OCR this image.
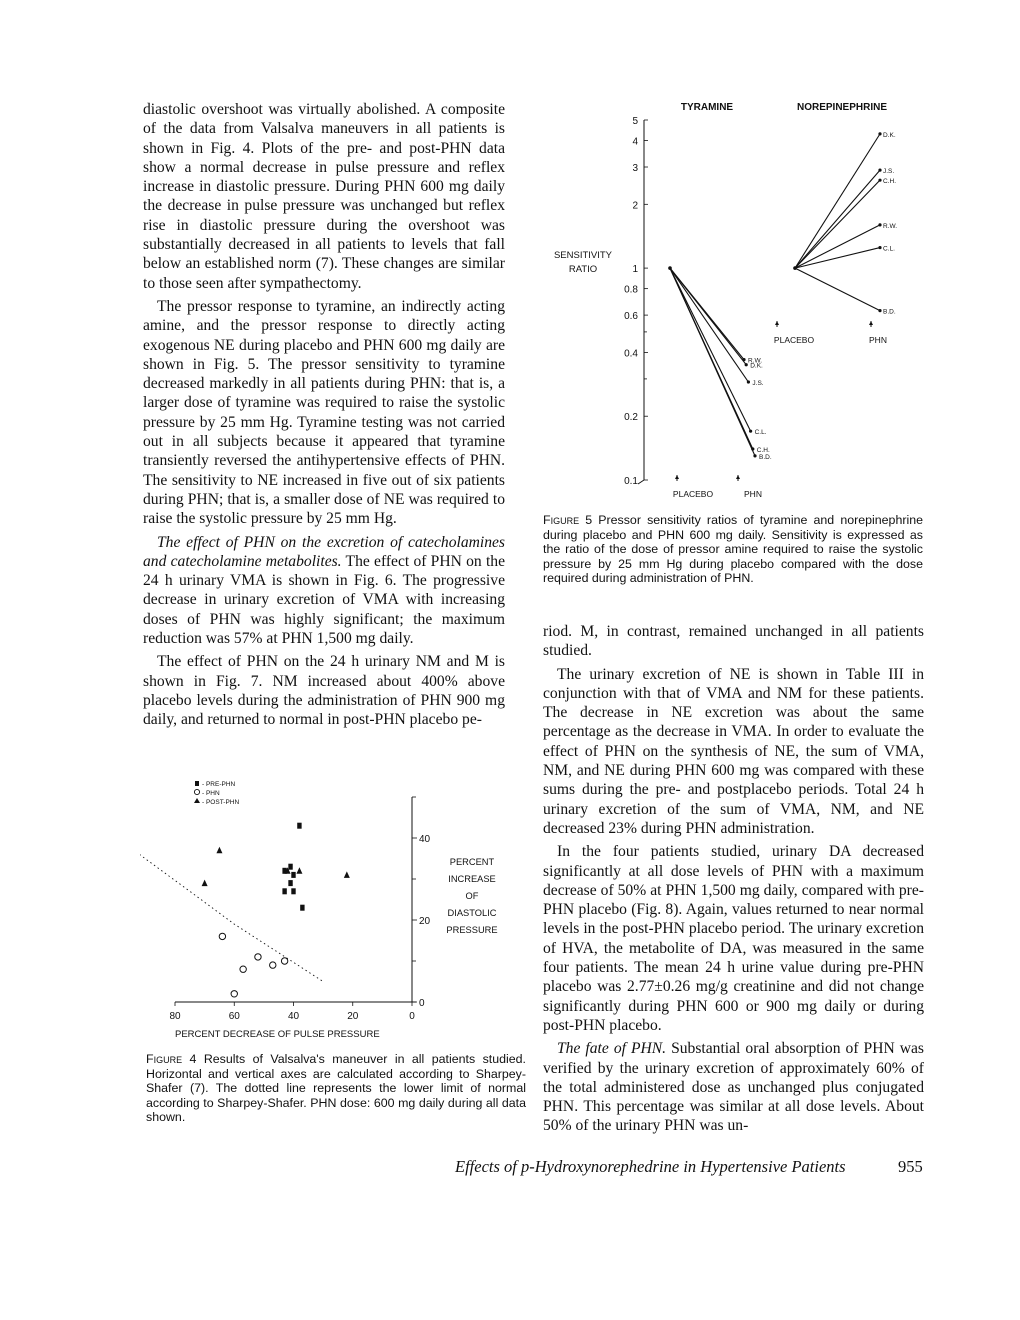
diastolic overshoot was virtually abolished. A composite of the data from Valsalva maneuvers in all patients is shown in Fig. 4. Plots of the pre- and post-PHN data show a normal decrease in pulse pressure and reflex increase in diastolic pressure. During PHN 600 mg daily the decrease in pulse pressure was unchanged but reflex rise in diastolic pressure during the overshoot was substantially decreased in all patients to levels that fall below an established norm (7). These changes are similar to those seen after sympathectomy.

The pressor response to tyramine, an indirectly acting amine, and the pressor response to directly acting exogenous NE during placebo and PHN 600 mg daily are shown in Fig. 5. The pressor sensitivity to tyramine decreased markedly in all patients during PHN: that is, a larger dose of tyramine was required to raise the systolic pressure by 25 mm Hg. Tyramine testing was not carried out in all subjects because it appeared that tyramine transiently reversed the antihypertensive effects of PHN. The sensitivity to NE increased in five out of six patients during PHN; that is, a smaller dose of NE was required to raise the systolic pressure by 25 mm Hg.

The effect of PHN on the excretion of catecholamines and catecholamine metabolites. The effect of PHN on the 24 h urinary VMA is shown in Fig. 6. The progressive decrease in urinary excretion of VMA with increasing doses of PHN was highly significant; the maximum reduction was 57% at PHN 1,500 mg daily.

The effect of PHN on the 24 h urinary NM and M is shown in Fig. 7. NM increased about 400% above placebo levels during the administration of PHN 900 mg daily, and returned to normal in post-PHN placebo pe-

- PRE-PHN
- PHN
- POST-PHN
80	60	40	20	0
40
20
0
PERCENT DECREASE OF PULSE PRESSURE
PERCENT
INCREASE
OF
DIASTOLIC
PRESSURE
Figure 4 Results of Valsalva's maneuver in all patients studied. Horizontal and vertical axes are calculated according to Sharpey-Shafer (7). The dotted line represents the lower limit of normal according to Sharpey-Shafer. PHN dose: 600 mg daily during all data shown.
TYRAMINE	NOREPINEPHRINE
SENSITIVITY
RATIO
5
4
3
2
1
0.8
0.6
0.4
0.2
0.1
R.W.
D.K.
J.S.
C.L.
C.H.
B.D.
D.K.
J.S.
C.H.
R.W.
C.L.
B.D.
PLACEBO	PHN
PLACEBO	PHN
Figure 5 Pressor sensitivity ratios of tyramine and norepinephrine during placebo and PHN 600 mg daily. Sensitivity is expressed as the ratio of the dose of pressor amine required to raise the systolic pressure by 25 mm Hg during placebo compared with the dose required during administration of PHN.

riod. M, in contrast, remained unchanged in all patients studied.

The urinary excretion of NE is shown in Table III in conjunction with that of VMA and NM for these patients. The decrease in NE excretion was about the same percentage as the decrease in VMA. In order to evaluate the effect of PHN on the synthesis of NE, the sum of VMA, NM, and NE during PHN 600 mg was compared with these sums during the pre- and postplacebo periods. Total 24 h urinary excretion of the sum of VMA, NM, and NE decreased 23% during PHN administration.

In the four patients studied, urinary DA decreased significantly at all dose levels of PHN with a maximum decrease of 50% at PHN 1,500 mg daily, compared with pre-PHN placebo (Fig. 8). Again, values returned to near normal levels in the post-PHN placebo period. The urinary excretion of HVA, the metabolite of DA, was measured in the same four patients. The mean 24 h urine value during pre-PHN placebo was 2.77±0.26 mg/g creatinine and did not change significantly during PHN 600 or 900 mg daily or during post-PHN placebo.

The fate of PHN. Substantial oral absorption of PHN was verified by the urinary excretion of approximately 60% of the total administered dose as unchanged plus conjugated PHN. This percentage was similar at all dose levels. About 50% of the urinary PHN was un-

Effects of p-Hydroxynorephedrine in Hypertensive Patients	955
